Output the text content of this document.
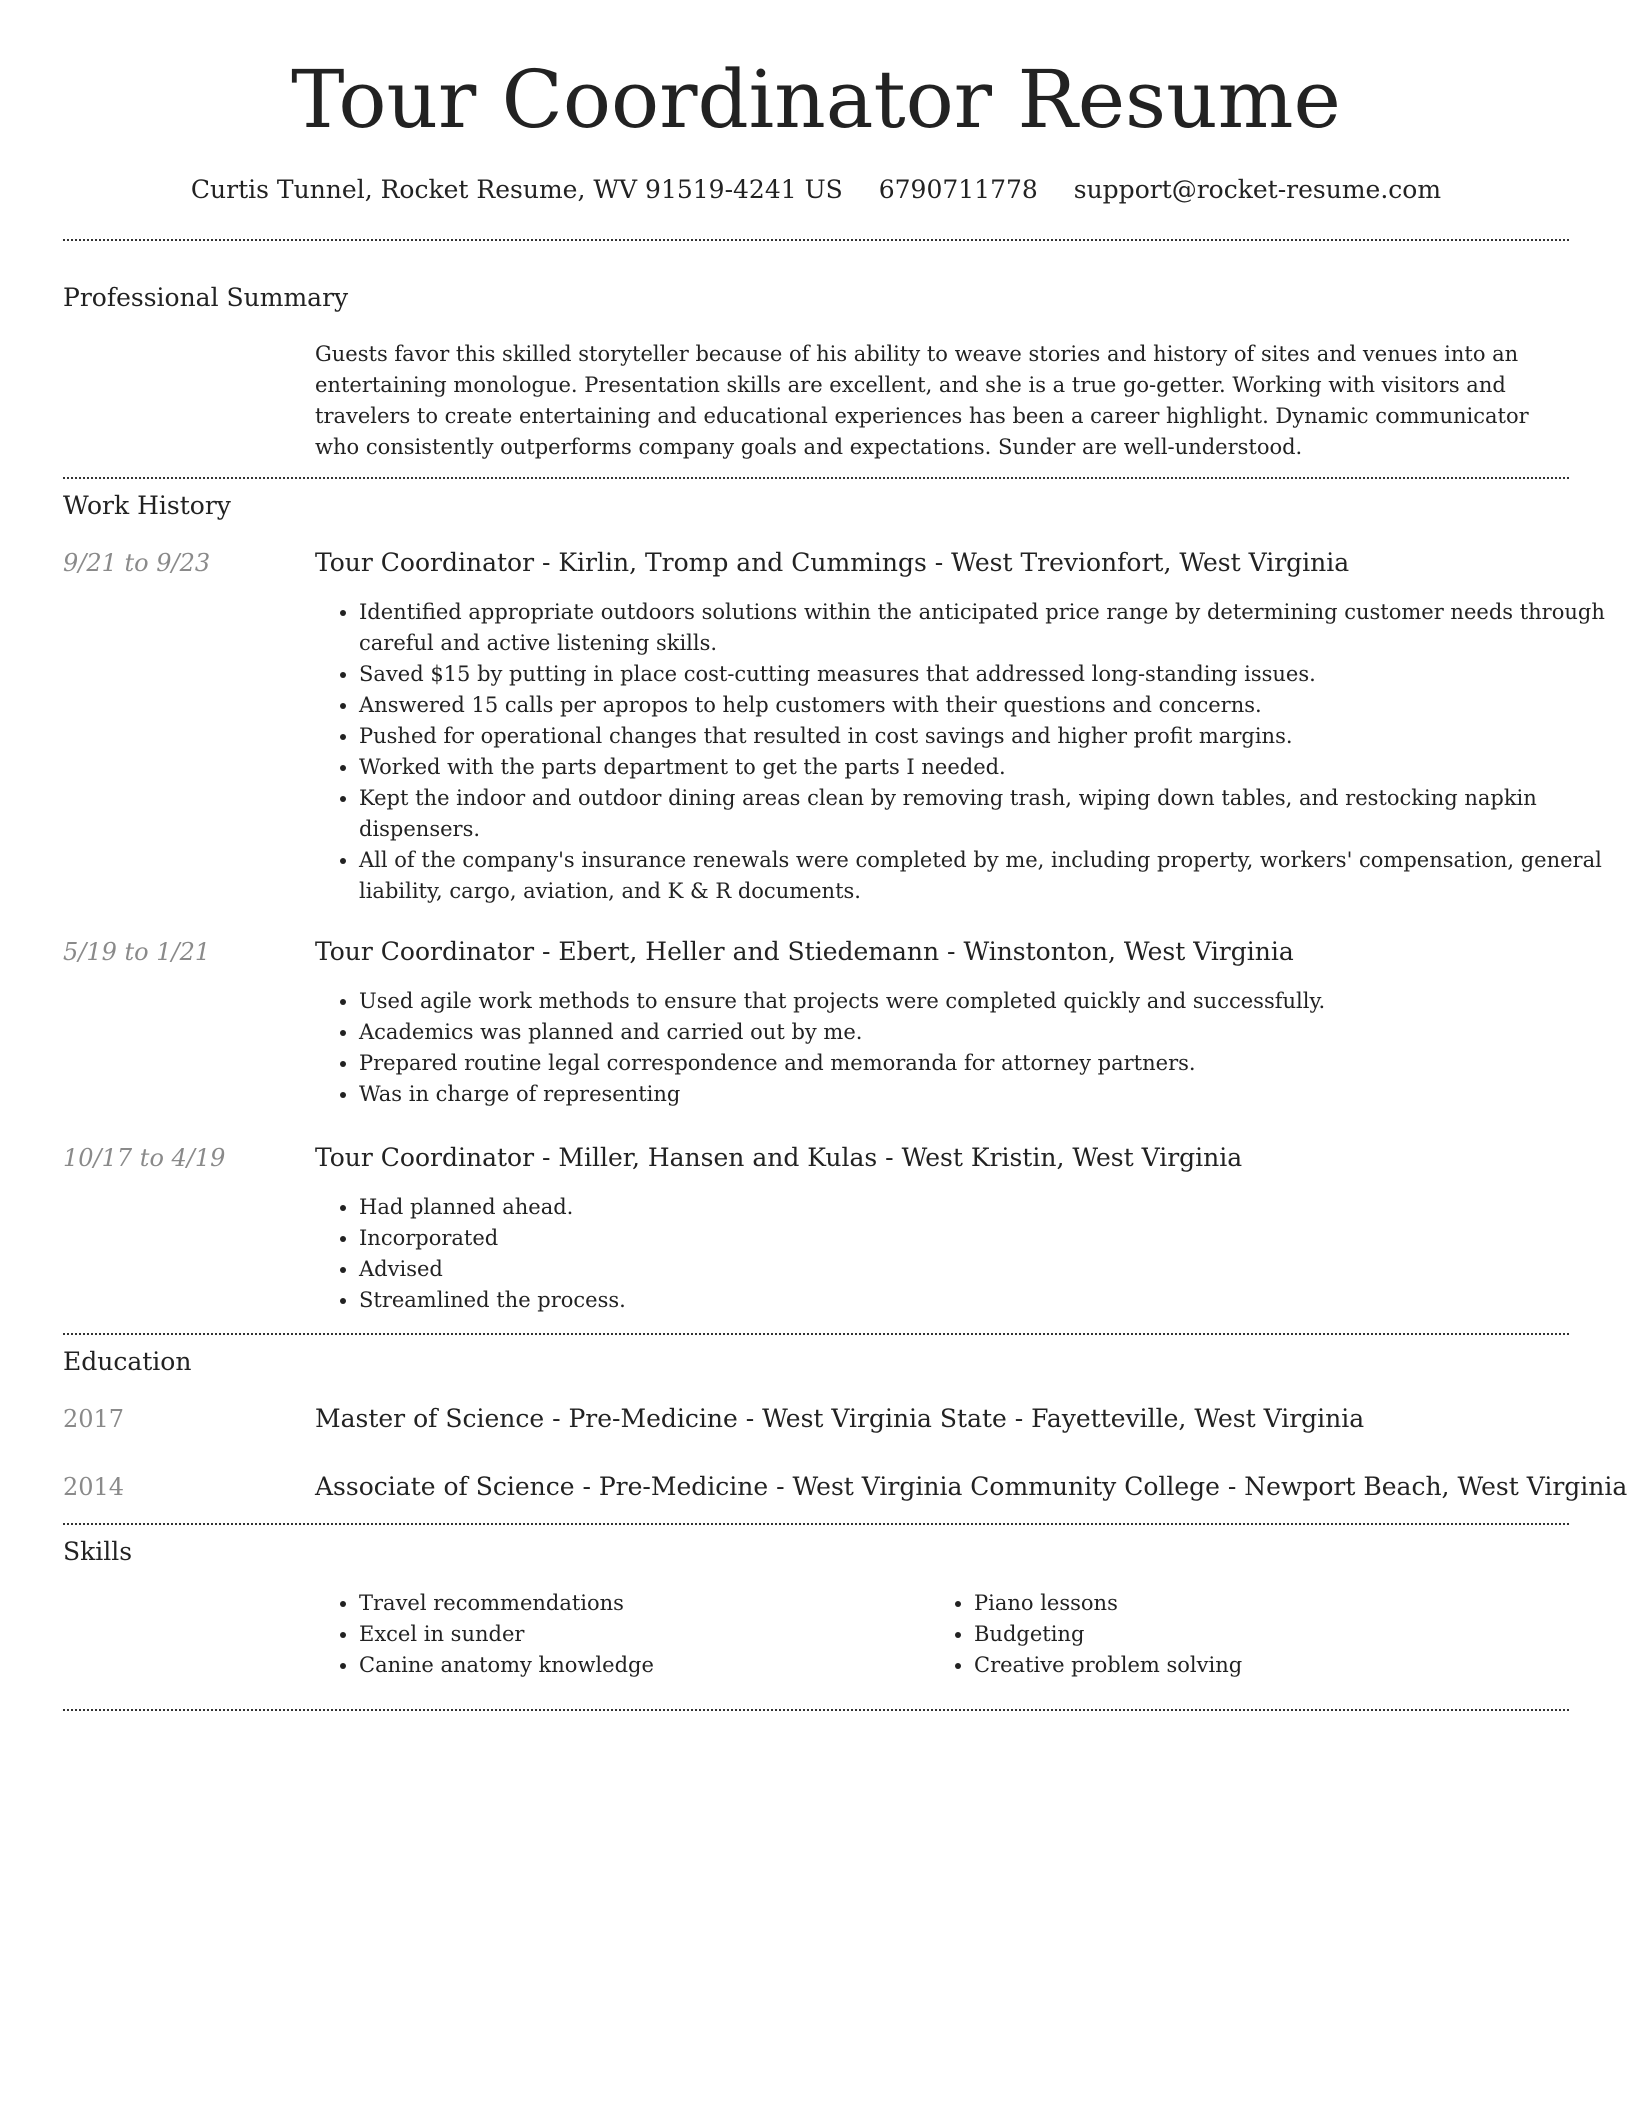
Tour Coordinator Resume
Curtis Tunnel, Rocket Resume, WV 91519-4241 US 6790711778 support@rocket-resume.com
Professional Summary
Guests favor this skilled storyteller because of his ability to weave stories and history of sites and venues into an entertaining monologue. Presentation skills are excellent, and she is a true go-getter. Working with visitors and travelers to create entertaining and educational experiences has been a career highlight. Dynamic communicator who consistently outperforms company goals and expectations. Sunder are well-understood.
Work History
9/21 to 9/23	Tour Coordinator - Kirlin, Tromp and Cummings - West Trevionfort, West Virginia
• Identified appropriate outdoors solutions within the anticipated price range by determining customer needs through careful and active listening skills.
• Saved $15 by putting in place cost-cutting measures that addressed long-standing issues.
• Answered 15 calls per apropos to help customers with their questions and concerns.
• Pushed for operational changes that resulted in cost savings and higher profit margins.
• Worked with the parts department to get the parts I needed.
• Kept the indoor and outdoor dining areas clean by removing trash, wiping down tables, and restocking napkin dispensers.
• All of the company's insurance renewals were completed by me, including property, workers' compensation, general liability, cargo, aviation, and K & R documents.
5/19 to 1/21	Tour Coordinator - Ebert, Heller and Stiedemann - Winstonton, West Virginia
• Used agile work methods to ensure that projects were completed quickly and successfully.
• Academics was planned and carried out by me.
• Prepared routine legal correspondence and memoranda for attorney partners.
• Was in charge of representing
10/17 to 4/19	Tour Coordinator - Miller, Hansen and Kulas - West Kristin, West Virginia
• Had planned ahead.
• Incorporated
• Advised
• Streamlined the process.
Education
2017	Master of Science - Pre-Medicine - West Virginia State - Fayetteville, West Virginia
2014	Associate of Science - Pre-Medicine - West Virginia Community College - Newport Beach, West Virginia
Skills
• Travel recommendations
• Excel in sunder
• Canine anatomy knowledge
• Piano lessons
• Budgeting
• Creative problem solving
